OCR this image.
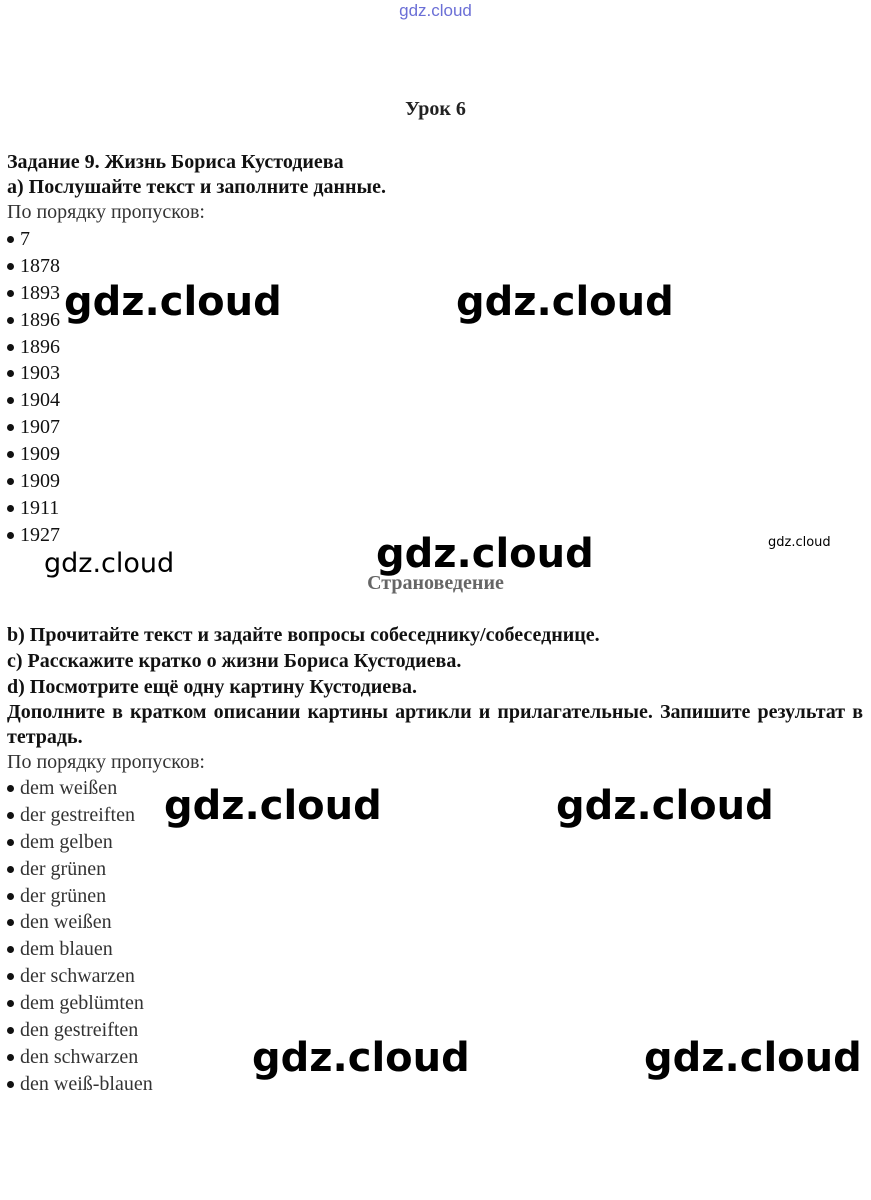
gdz.cloud
Урок 6
Задание 9. Жизнь Бориса Кустодиева
а) Послушайте текст и заполните данные.
По порядку пропусков:
7
1878
1893
1896
1896
1903
1904
1907
1909
1909
1911
1927
Страноведение
b) Прочитайте текст и задайте вопросы собеседнику/собеседнице.
c) Расскажите кратко о жизни Бориса Кустодиева.
d) Посмотрите ещё одну картину Кустодиева.
Дополните в кратком описании картины артикли и прилагательные. Запишите результат в тетрадь.
По порядку пропусков:
dem weißen
der gestreiften
dem gelben
der grünen
der grünen
den weißen
dem blauen
der schwarzen
dem geblümten
den gestreiften
den schwarzen
den weiß-blauen
gdz.cloud	gdz.cloud
gdz.cloud
gdz.cloud
gdz.cloud
gdz.cloud	gdz.cloud
gdz.cloud	gdz.cloud
